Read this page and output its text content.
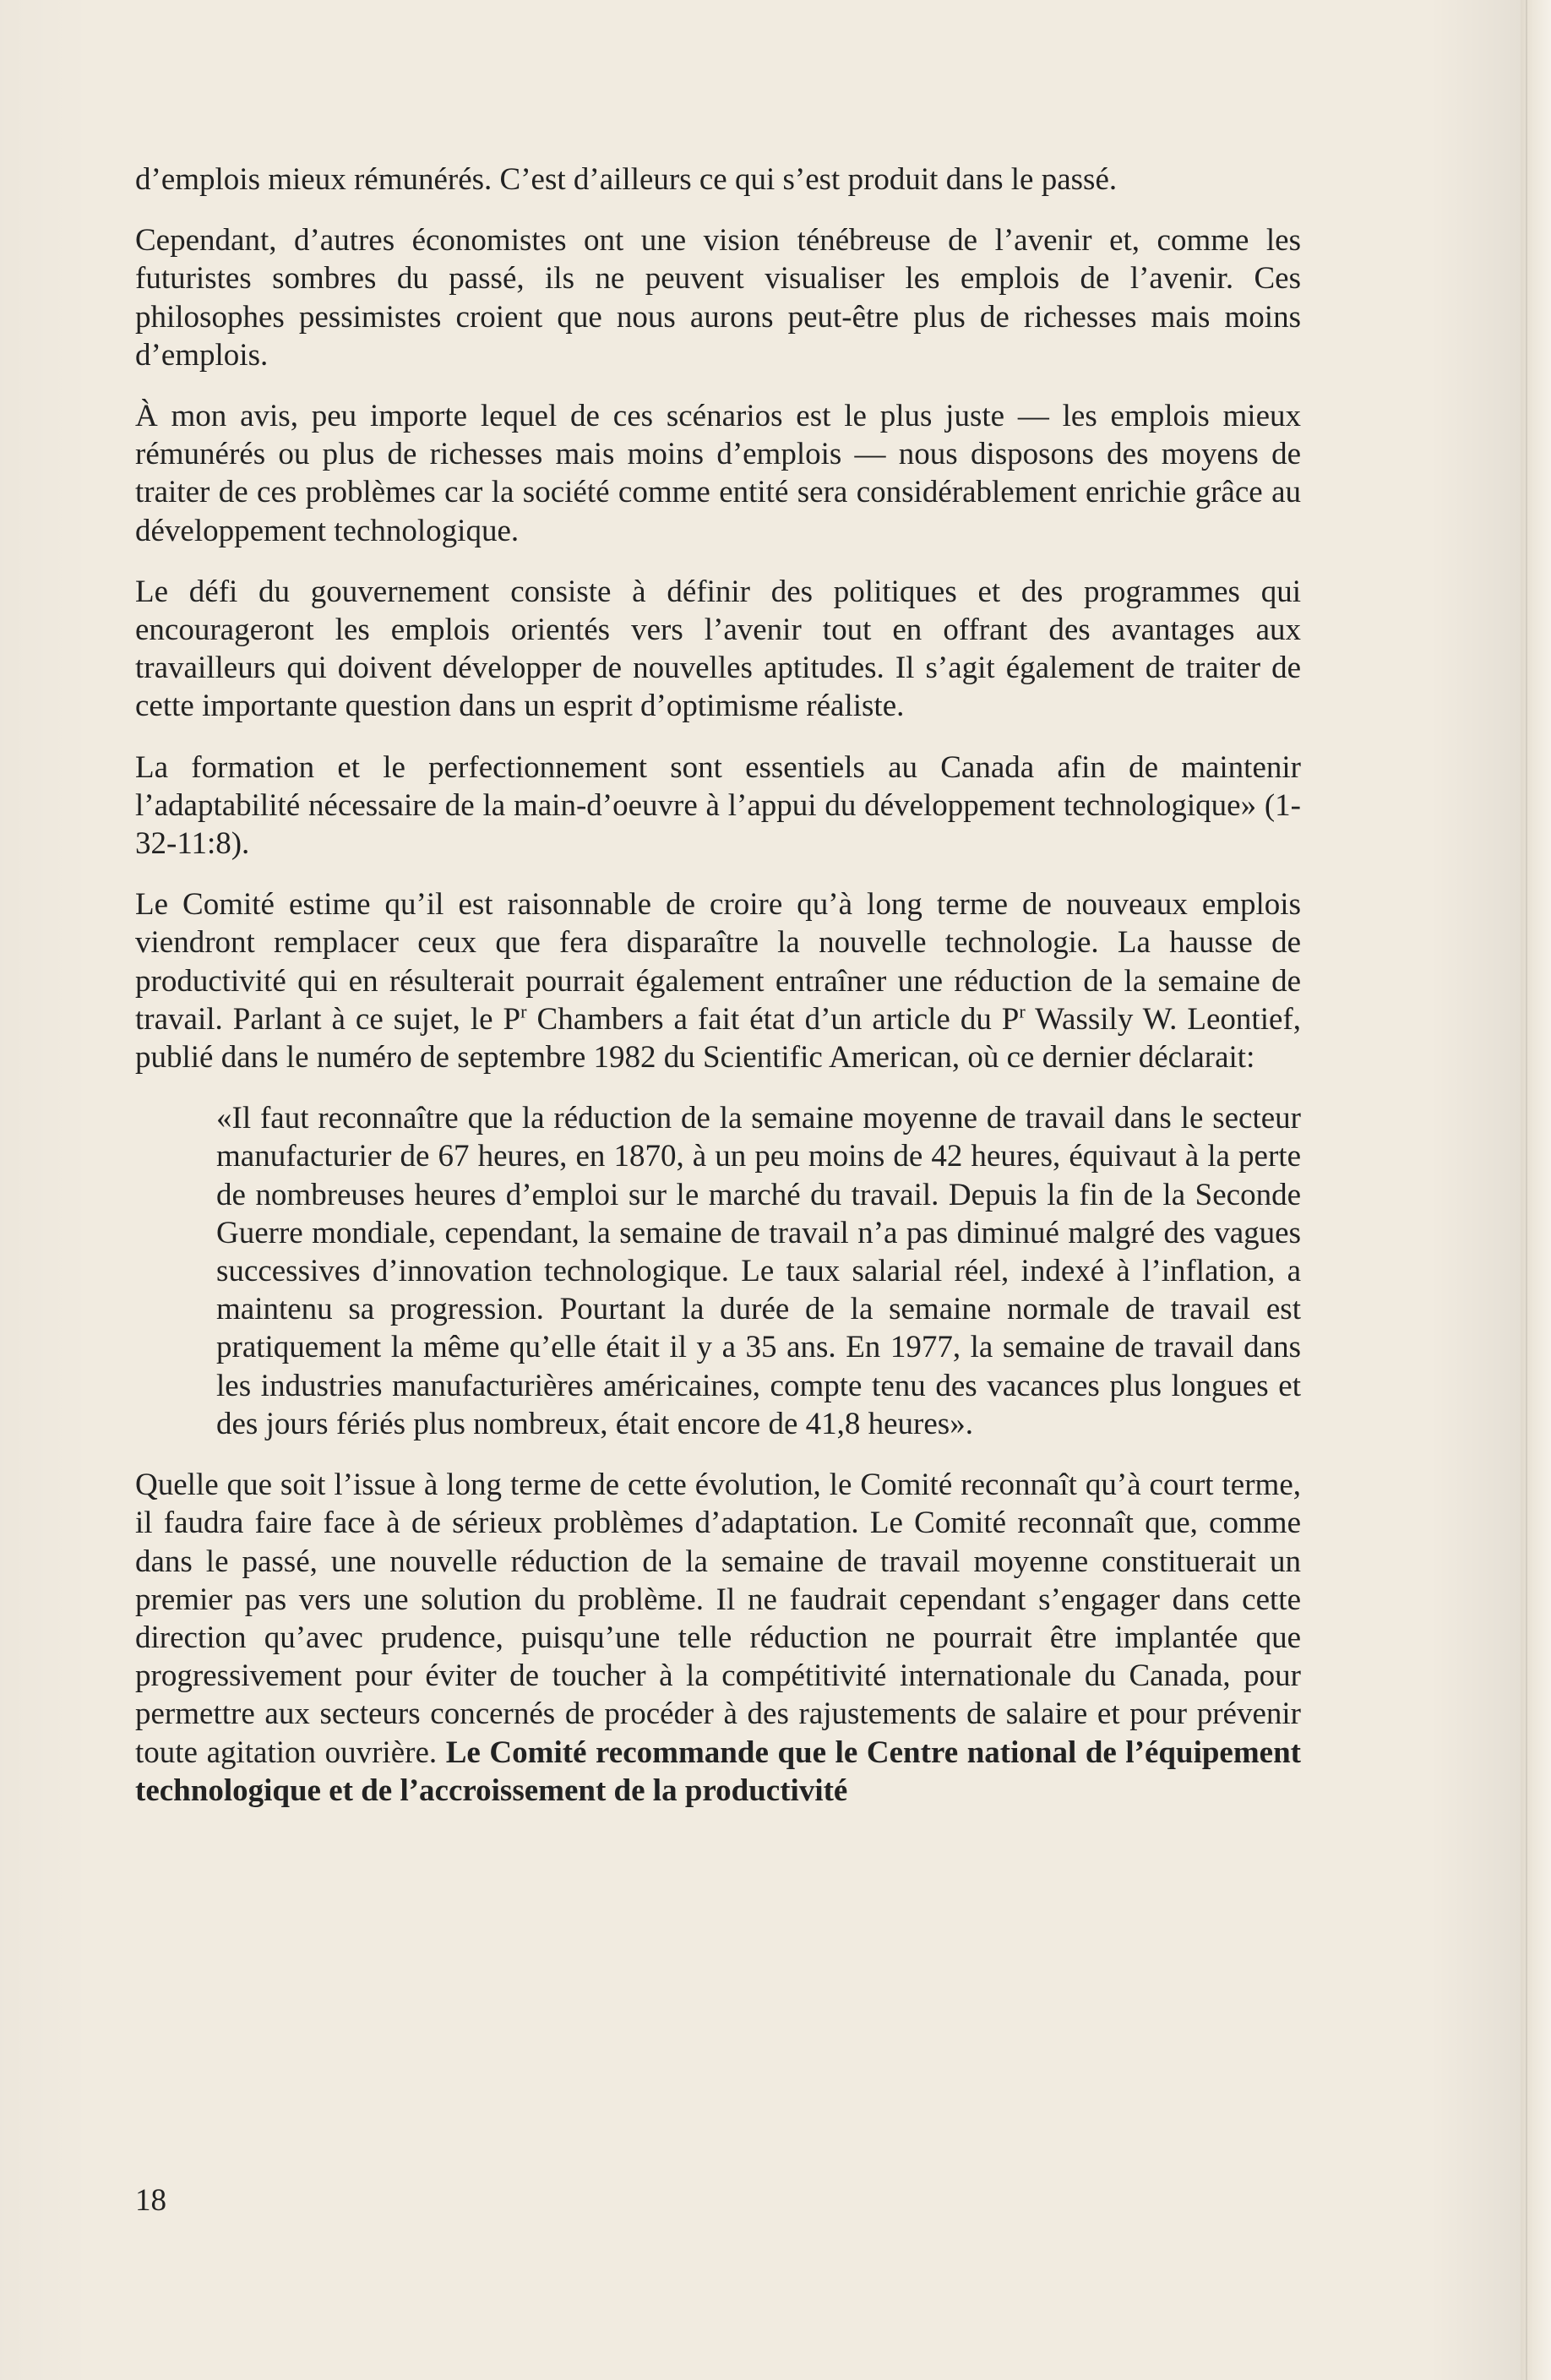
d’emplois mieux rémunérés. C’est d’ailleurs ce qui s’est produit dans le passé.

Cependant, d’autres économistes ont une vision ténébreuse de l’avenir et, comme les futuristes sombres du passé, ils ne peuvent visualiser les emplois de l’avenir. Ces philosophes pessimistes croient que nous aurons peut-être plus de richesses mais moins d’emplois.

À mon avis, peu importe lequel de ces scénarios est le plus juste — les emplois mieux rémunérés ou plus de richesses mais moins d’emplois — nous disposons des moyens de traiter de ces problèmes car la société comme entité sera considérablement enrichie grâce au développement technologique.

Le défi du gouvernement consiste à définir des politiques et des programmes qui encourageront les emplois orientés vers l’avenir tout en offrant des avantages aux travailleurs qui doivent développer de nouvelles aptitudes. Il s’agit également de traiter de cette importante question dans un esprit d’optimisme réaliste.

La formation et le perfectionnement sont essentiels au Canada afin de maintenir l’adaptabilité nécessaire de la main-d’oeuvre à l’appui du développement technologique» (1-32-11:8).

Le Comité estime qu’il est raisonnable de croire qu’à long terme de nouveaux emplois viendront remplacer ceux que fera disparaître la nouvelle technologie. La hausse de productivité qui en résulterait pourrait également entraîner une réduction de la semaine de travail. Parlant à ce sujet, le $P^r$ Chambers a fait état d’un article du $P^r$ Wassily W. Leontief, publié dans le numéro de septembre 1982 du Scientific American, où ce dernier déclarait:

«Il faut reconnaître que la réduction de la semaine moyenne de travail dans le secteur manufacturier de 67 heures, en 1870, à un peu moins de 42 heures, équivaut à la perte de nombreuses heures d’emploi sur le marché du travail. Depuis la fin de la Seconde Guerre mondiale, cependant, la semaine de travail n’a pas diminué malgré des vagues successives d’innovation technologique. Le taux salarial réel, indexé à l’inflation, a maintenu sa progression. Pourtant la durée de la semaine normale de travail est pratiquement la même qu’elle était il y a 35 ans. En 1977, la semaine de travail dans les industries manufacturières américaines, compte tenu des vacances plus longues et des jours fériés plus nombreux, était encore de 41,8 heures».

Quelle que soit l’issue à long terme de cette évolution, le Comité reconnaît qu’à court terme, il faudra faire face à de sérieux problèmes d’adaptation. Le Comité reconnaît que, comme dans le passé, une nouvelle réduction de la semaine de travail moyenne constituerait un premier pas vers une solution du problème. Il ne faudrait cependant s’engager dans cette direction qu’avec prudence, puisqu’une telle réduction ne pourrait être implantée que progressivement pour éviter de toucher à la compétitivité internationale du Canada, pour permettre aux secteurs concernés de procéder à des rajustements de salaire et pour prévenir toute agitation ouvrière. Le Comité recommande que le Centre national de l’équipement technologique et de l’accroissement de la productivité

18
